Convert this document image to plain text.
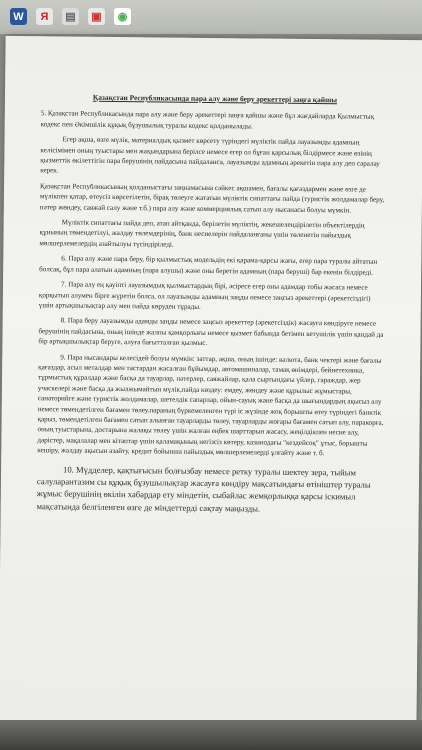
W	Я	▤ ▣	◉
Қазақстан Республикасында пара алу және беру әрекеттері заңға қайшы

5. Қазақстан Республикасында пара алу және беру әрекеттері заңға қайшы және бұл жағдайларда Қылмыстық кодекс пен Әкімшілік құқық бұзушылық туралы кодекс қолданылады.

Егер ақша, өзге мүлік, материалдық қызмет көрсету түріндегі мүліктік пайда лауазымды адамның келісімімен оның туыстары мен жақындарына берілсе немесе егер ол бұған қарсылық білдірмесе және өзінің қызметтік өкілеттігін пара берушінің пайдасына пайдаланса, лауазымды адамның әрекетін пара алу деп саралау керек.

Қазақстан Республикасының қолданыстағы заңнамасына сәйкес ақшамен, бағалы қағаздармен және өзге де мүлікпен қатар, өтеусіз көрсетілетін, бірақ төлеуге жататын мүліктік сипаттағы пайда (туристік жолдамалар беру, пәтер жөндеу, саяжай салу және т.б.) пара алу және коммерциялық сатып алу нысанасы болуы мүмкін.

Мүліктік сипаттағы пайда деп, атап айтқанда, берілетін мүліктің, жекешелендірілетін объектілердің құнының төмендетілуі, жалдау төлемдерінің, банк несиелерін пайдаланғаны үшін төленетін пайыздық мөлшерлемелердің азайтылуы түсіндіріледі.

6. Пара алу және пара беру, бір қылмыстық модельдің екі қарама-қарсы жағы, егер пара туралы айтатын болсақ, бұл пара алатын адамның (пара алушы) және оны беретін адамның (пара беруші) бар екенін білдіреді.

7. Пара алу ең қауіпті лауазымдық қылмыстардың бірі, әсіресе егер оны адамдар тобы жасаса немесе қорқытып алумен бірге жүретін болса, ол лауазымды адамның заңды немесе заңсыз әрекеттері (әрекетсіздігі) үшін артықшылықтар алу мен пайда көруден тұрады.

8. Пара беру лауазымды адамды заңды немесе заңсыз әрекеттер (әрекетсіздік) жасауға көндіруге немесе берушінің пайдасына, оның ішінде жалпы қамқорлығы немесе қызмет бабында бетімен кетушілік үшін қандай да бір артықшылықтар беруге, алуға бағытталған қылмыс.

9. Пара нысандары келесідей болуы мүмкін: заттар, ақша, оның ішінде: валюта, банк чектері және бағалы қағаздар, асыл металдар мен тастардан жасалған бұйымдар, автомашиналар, тамақ өнімдері, бейнетехника, тұрмыстық құралдар және басқа да тауарлар, пәтерлер, саяжайлар, қала сыртындағы үйлер, гараждар, жер учаскелері және басқа да жылжымайтын мүлік,пайда көздеу: емдеу, жөндеу және құрылыс жұмыстары, санаторийге және туристік жолдамалар, шетелдік сапарлар, ойын-сауық және басқа да шығындардың ақысыз алу немесе төмендетілген бағамен төлеу.параның бүркемеленген түрі іс жүзінде жоқ борышты өтеу түріндегі банктік қарыз, төмендетілген бағамен сатып алынған тауарларды төлеу, тауарларды жоғары бағамен сатып алу, паракорға, оның туыстарына, достарына жалақы төлеу үшін жалған еңбек шарттарын жасасу, жеңілдікпен несие алу, дәрістер, мақалалар мен кітаптар үшін қаламақының негізсіз көтеру, казинодағы "кездейсоқ" ұтыс, борышты кешіру, жалдау ақысын азайту, кредит бойынша пайыздық мөлшерлемелерді ұлғайту және т. б.

10. Мүдделер, қақтығысын болғызбау немесе ретку туралы шектеу зера, тыйым салуларантазим сы құқық бұзушылықтар жасауға көндіру мақсатындағы өтініштер туралы жұмыс берушінің өкілін хабардар ету міндетін, сыбайлас жемқорлыққа қарсы іскимыл мақсатында белгіленген өзге де міндеттерді сақтау маңызды.
